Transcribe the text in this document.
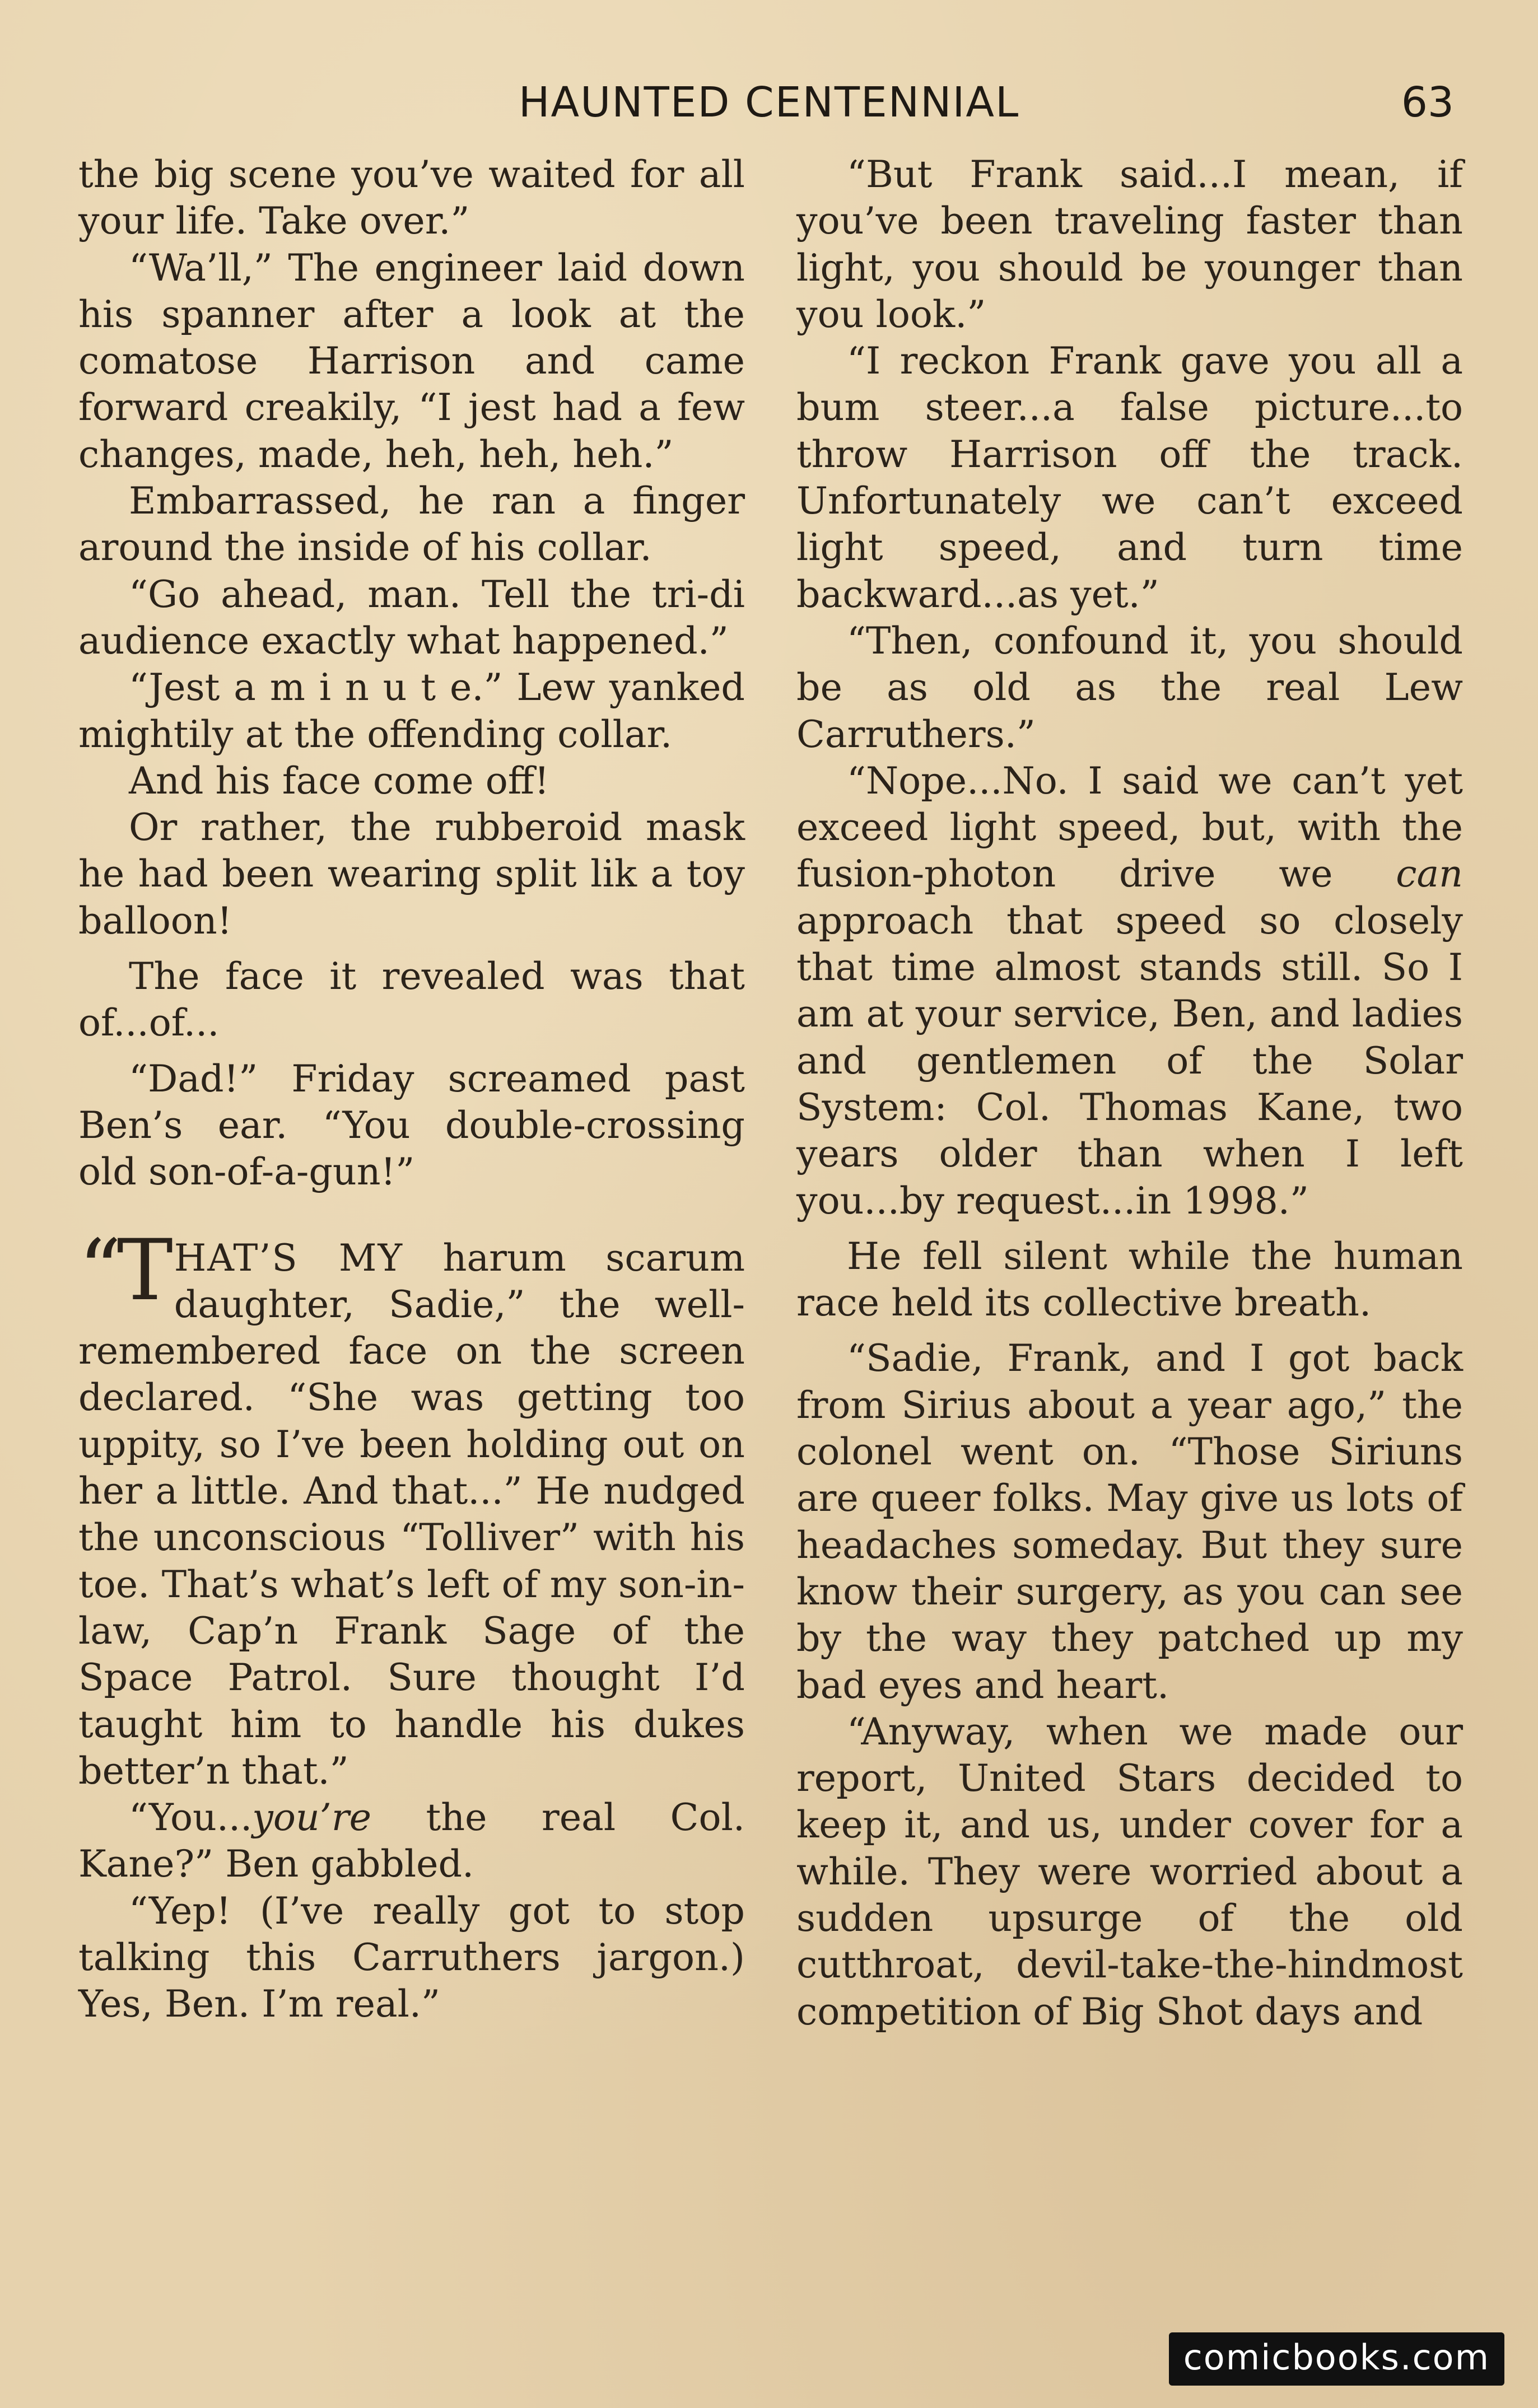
HAUNTED CENTENNIAL	63

the big scene you’ve waited for all your life. Take over.”

“Wa’ll,” The engineer laid down his spanner after a look at the comatose Harrison and came forward creakily, “I jest had a few changes, made, heh, heh, heh.”

Embarrassed, he ran a finger around the inside of his collar.

“Go ahead, man. Tell the tri-di audience exactly what happened.”

“Jest a m i n u t e.” Lew yanked mightily at the offending collar.

And his face come off!

Or rather, the rubberoid mask he had been wearing split lik a toy balloon!

The face it revealed was that of...of...

“Dad!” Friday screamed past Ben’s ear. “You double-crossing old son-of-a-gun!”

“THAT’S MY harum scarum daughter, Sadie,” the well-remembered face on the screen declared. “She was getting too uppity, so I’ve been holding out on her a little. And that...” He nudged the unconscious “Tolliver” with his toe. That’s what’s left of my son-in-law, Cap’n Frank Sage of the Space Patrol. Sure thought I’d taught him to handle his dukes better’n that.”

“You...you’re the real Col. Kane?” Ben gabbled.

“Yep! (I’ve really got to stop talking this Carruthers jargon.) Yes, Ben. I’m real.”

“But Frank said...I mean, if you’ve been traveling faster than light, you should be younger than you look.”

“I reckon Frank gave you all a bum steer...a false picture...to throw Harrison off the track. Unfortunately we can’t exceed light speed, and turn time backward...as yet.”

“Then, confound it, you should be as old as the real Lew Carruthers.”

“Nope...No. I said we can’t yet exceed light speed, but, with the fusion-photon drive we can approach that speed so closely that time almost stands still. So I am at your service, Ben, and ladies and gentlemen of the Solar System: Col. Thomas Kane, two years older than when I left you...by request...in 1998.”

He fell silent while the human race held its collective breath.

“Sadie, Frank, and I got back from Sirius about a year ago,” the colonel went on. “Those Siriuns are queer folks. May give us lots of headaches someday. But they sure know their surgery, as you can see by the way they patched up my bad eyes and heart.

“Anyway, when we made our report, United Stars decided to keep it, and us, under cover for a while. They were worried about a sudden upsurge of the old cutthroat, devil-take-the-hindmost competition of Big Shot days and

comicbooks.com
